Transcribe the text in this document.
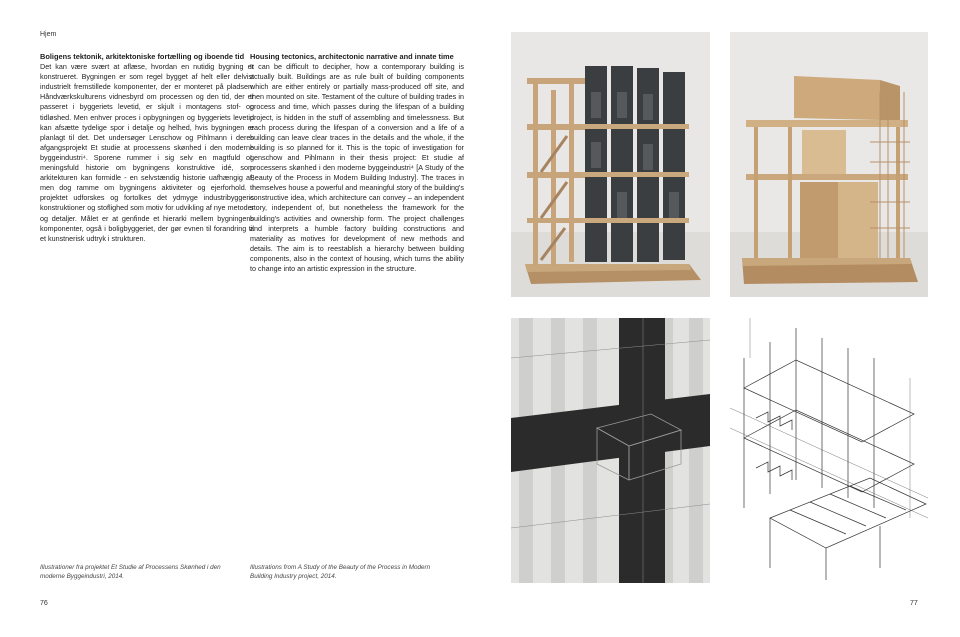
Hjem

Boligens tektonik, arkitektoniske fortælling og iboende tid

Det kan være svært at aflæse, hvordan en nutidig bygning er konstrueret. Bygningen er som regel bygget af helt eller delvist industrielt fremstillede komponenter, der er monteret på pladsen. Håndværkskulturens vidnesbyrd om processen og den tid, der er passeret i byggeriets levetid, er skjult i montagens stof- og tidløshed. Men enhver proces i opbygningen og byggeriets levetid kan afsætte tydelige spor i detalje og helhed, hvis bygningen er planlagt til det. Det undersøger Lenschow og Pihlmann i deres afgangsprojekt Et studie at processens skønhed i den moderne byggeindustri⁴. Sporene rummer i sig selv en magtfuld og meningsfuld historie om bygningens konstruktive idé, som arkitekturen kan formidle - en selvstændig historie uafhængig af, men dog ramme om bygningens aktiviteter og ejerforhold. I projektet udforskes og fortolkes det ydmyge industribyggeris konstruktioner og stoflighed som motiv for udvikling af nye metoder og detaljer. Målet er at genfinde et hierarki mellem bygningens komponenter, også i boligbyggeriet, der gør evnen til forandring til et kunstnerisk udtryk i strukturen.

Housing tectonics, architectonic narrative and innate time

It can be difficult to decipher, how a contemporary building is actually built. Buildings are as rule built of building components which are either entirely or partially mass-produced off site, and then mounted on site. Testament of the culture of building trades in process and time, which passes during the lifespan of a building project, is hidden in the stuff of assembling and timelessness. But each process during the lifespan of a conversion and a life of a building can leave clear traces in the details and the whole, if the building is so planned for it. This is the topic of investigation for Lenschow and Pihlmann in their thesis project: Et studie af processens skønhed i den moderne byggeindustri⁴ [A Study of the Beauty of the Process in Modern Building Industry]. The traces in themselves house a powerful and meaningful story of the building's constructive idea, which architecture can convey – an independent story, independent of, but nonetheless the framework for the building's activities and ownership form. The project challenges and interprets a humble factory building constructions and materiality as motives for development of new methods and details. The aim is to reestablish a hierarchy between building components, also in the context of housing, which turns the ability to change into an artistic expression in the structure.

Illustrationer fra projektet Et Studie af Processens Skønhed i den moderne Byggeindustri, 2014.
Illustrations from A Study of the Beauty of the Process in Modern Building Industry project, 2014.
76	77
